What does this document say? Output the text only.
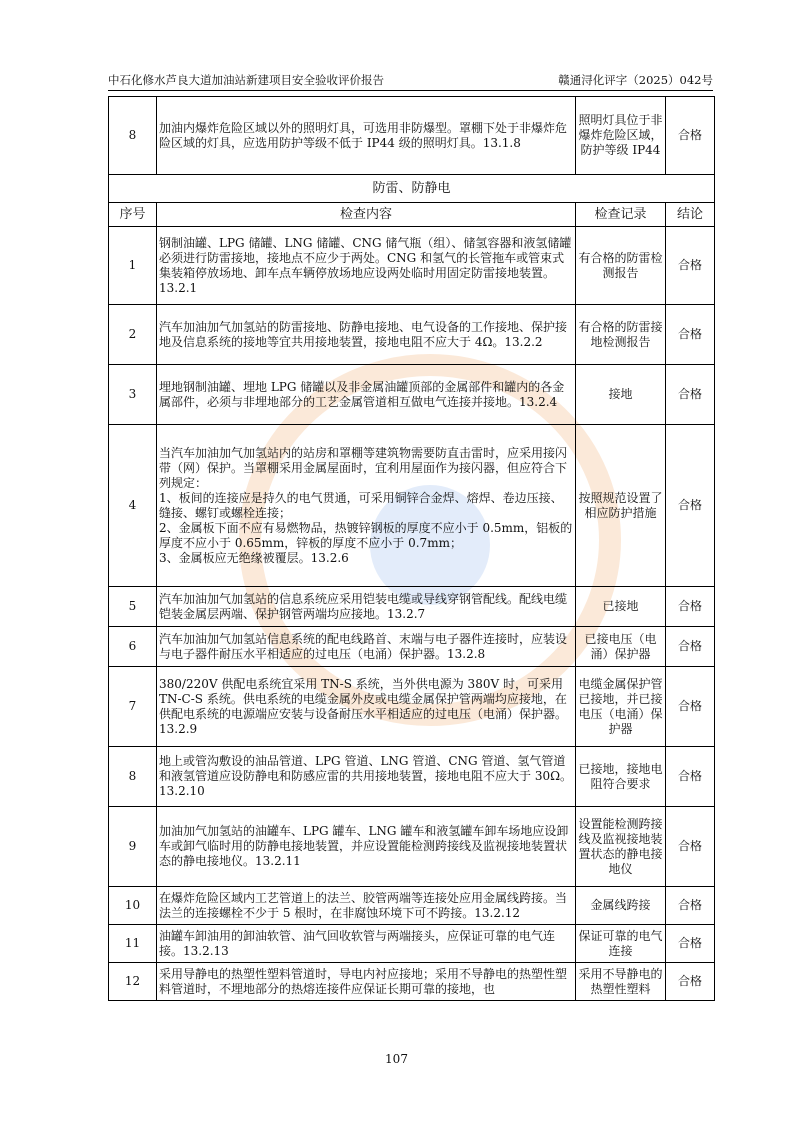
中石化修水芦良大道加油站新建项目安全验收评价报告	赣通浔化评字（2025）042号
8	加油内爆炸危险区域以外的照明灯具，可选用非防爆型。罩棚下处于非爆炸危险区域的灯具，应选用防护等级不低于 IP44 级的照明灯具。13.1.8	照明灯具位于非爆炸危险区域，防护等级 IP44	合格
防雷、防静电			
序号	检查内容	检查记录	结论
1	钢制油罐、LPG 储罐、LNG 储罐、CNG 储气瓶（组）、储氢容器和液氢储罐必须进行防雷接地，接地点不应少于两处。CNG 和氢气的长管拖车或管束式集装箱停放场地、卸车点车辆停放场地应设两处临时用固定防雷接地装置。13.2.1	有合格的防雷检测报告	合格
2	汽车加油加气加氢站的防雷接地、防静电接地、电气设备的工作接地、保护接地及信息系统的接地等宜共用接地装置，接地电阻不应大于 4Ω。13.2.2	有合格的防雷接地检测报告	合格
3	埋地钢制油罐、埋地 LPG 储罐以及非金属油罐顶部的金属部件和罐内的各金属部件，必须与非埋地部分的工艺金属管道相互做电气连接并接地。13.2.4	接地	合格
4	当汽车加油加气加氢站内的站房和罩棚等建筑物需要防直击雷时，应采用接闪带（网）保护。当罩棚采用金属屋面时，宜利用屋面作为接闪器，但应符合下列规定：
1、板间的连接应是持久的电气贯通，可采用铜锌合金焊、熔焊、卷边压接、缝接、螺钉或螺栓连接；
2、金属板下面不应有易燃物品，热镀锌钢板的厚度不应小于 0.5mm，铝板的厚度不应小于 0.65mm，锌板的厚度不应小于 0.7mm；
3、金属板应无绝缘被覆层。13.2.6	按照规范设置了相应防护措施	合格
5	汽车加油加气加氢站的信息系统应采用铠装电缆或导线穿钢管配线。配线电缆铠装金属层两端、保护钢管两端均应接地。13.2.7	已接地	合格
6	汽车加油加气加氢站信息系统的配电线路首、末端与电子器件连接时，应装设与电子器件耐压水平相适应的过电压（电涌）保护器。13.2.8	已接电压（电涌）保护器	合格
7	380/220V 供配电系统宜采用 TN-S 系统，当外供电源为 380V 时，可采用 TN-C-S 系统。供电系统的电缆金属外皮或电缆金属保护管两端均应接地，在供配电系统的电源端应安装与设备耐压水平相适应的过电压（电涌）保护器。13.2.9	电缆金属保护管已接地，并已接电压（电涌）保护器	合格
8	地上或管沟敷设的油品管道、LPG 管道、LNG 管道、CNG 管道、氢气管道和液氢管道应设防静电和防感应雷的共用接地装置，接地电阻不应大于 30Ω。13.2.10	已接地，接地电阻符合要求	合格
9	加油加气加氢站的油罐车、LPG 罐车、LNG 罐车和液氢罐车卸车场地应设卸车或卸气临时用的防静电接地装置，并应设置能检测跨接线及监视接地装置状态的静电接地仪。13.2.11	设置能检测跨接线及监视接地装置状态的静电接地仪	合格
10	在爆炸危险区域内工艺管道上的法兰、胶管两端等连接处应用金属线跨接。当法兰的连接螺栓不少于 5 根时，在非腐蚀环境下可不跨接。13.2.12	金属线跨接	合格
11	油罐车卸油用的卸油软管、油气回收软管与两端接头，应保证可靠的电气连接。13.2.13	保证可靠的电气连接	合格
12	采用导静电的热塑性塑料管道时，导电内衬应接地；采用不导静电的热塑性塑料管道时，不埋地部分的热熔连接件应保证长期可靠的接地，也	采用不导静电的热塑性塑料	合格
107
